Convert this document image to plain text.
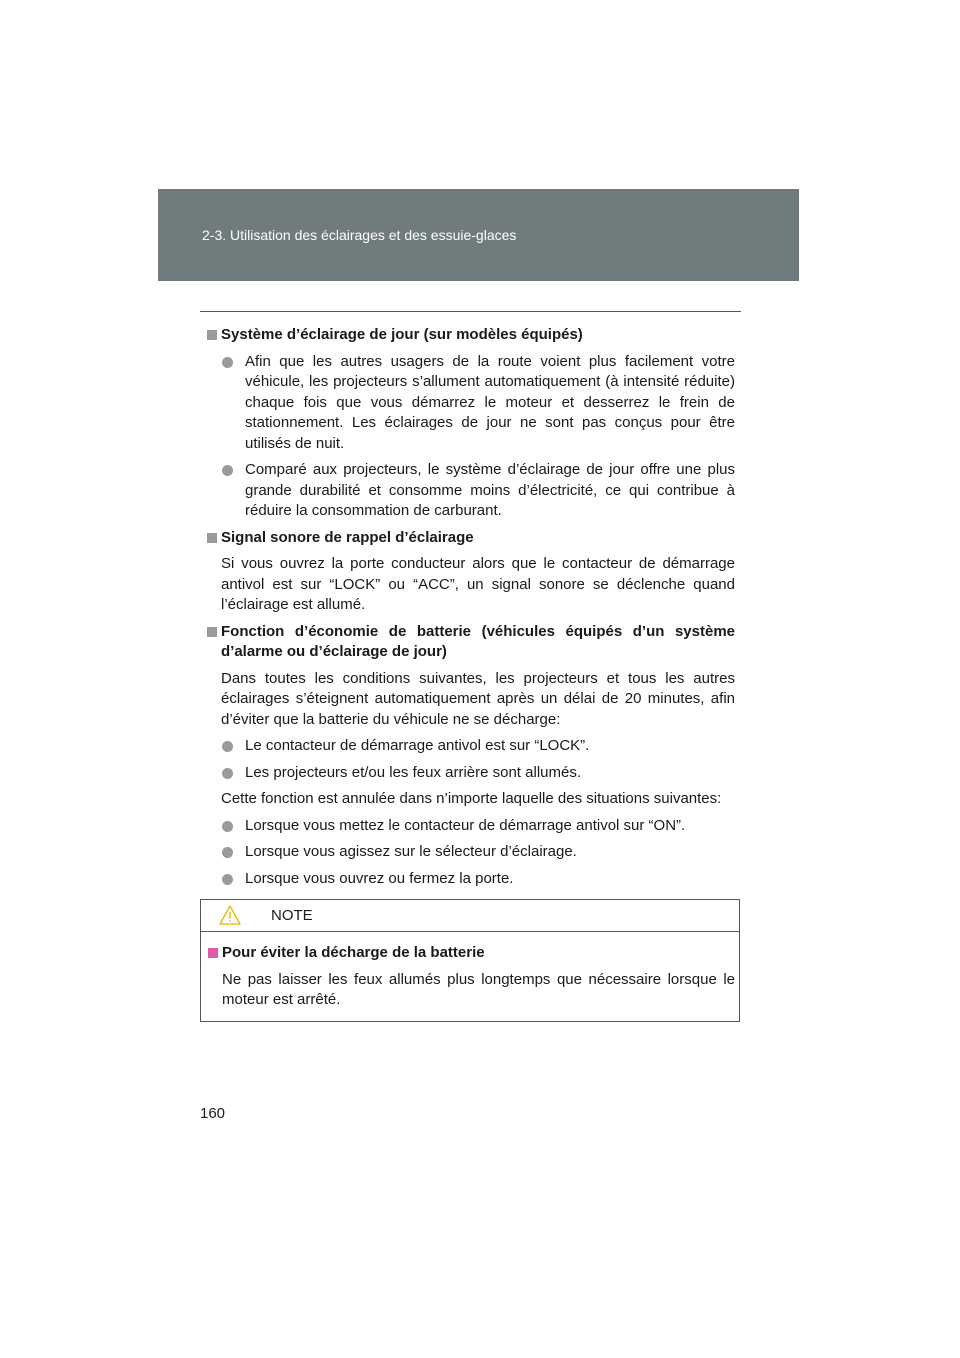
2-3. Utilisation des éclairages et des essuie-glaces
Système d’éclairage de jour (sur modèles équipés)
Afin que les autres usagers de la route voient plus facilement votre véhicule, les projecteurs s’allument automatiquement (à intensité réduite) chaque fois que vous démarrez le moteur et desserrez le frein de stationnement. Les éclairages de jour ne sont pas conçus pour être utilisés de nuit.
Comparé aux projecteurs, le système d’éclairage de jour offre une plus grande durabilité et consomme moins d’électricité, ce qui contribue à réduire la consommation de carburant.
Signal sonore de rappel d’éclairage
Si vous ouvrez la porte conducteur alors que le contacteur de démarrage antivol est sur “LOCK” ou “ACC”, un signal sonore se déclenche quand l’éclairage est allumé.
Fonction d’économie de batterie (véhicules équipés d’un système d’alarme ou d’éclairage de jour)
Dans toutes les conditions suivantes, les projecteurs et tous les autres éclairages s’éteignent automatiquement après un délai de 20 minutes, afin d’éviter que la batterie du véhicule ne se décharge:
Le contacteur de démarrage antivol est sur “LOCK”.
Les projecteurs et/ou les feux arrière sont allumés.
Cette fonction est annulée dans n’importe laquelle des situations suivantes:
Lorsque vous mettez le contacteur de démarrage antivol sur “ON”.
Lorsque vous agissez sur le sélecteur d’éclairage.
Lorsque vous ouvrez ou fermez la porte.
NOTE
Pour éviter la décharge de la batterie
Ne pas laisser les feux allumés plus longtemps que nécessaire lorsque le moteur est arrêté.
160
